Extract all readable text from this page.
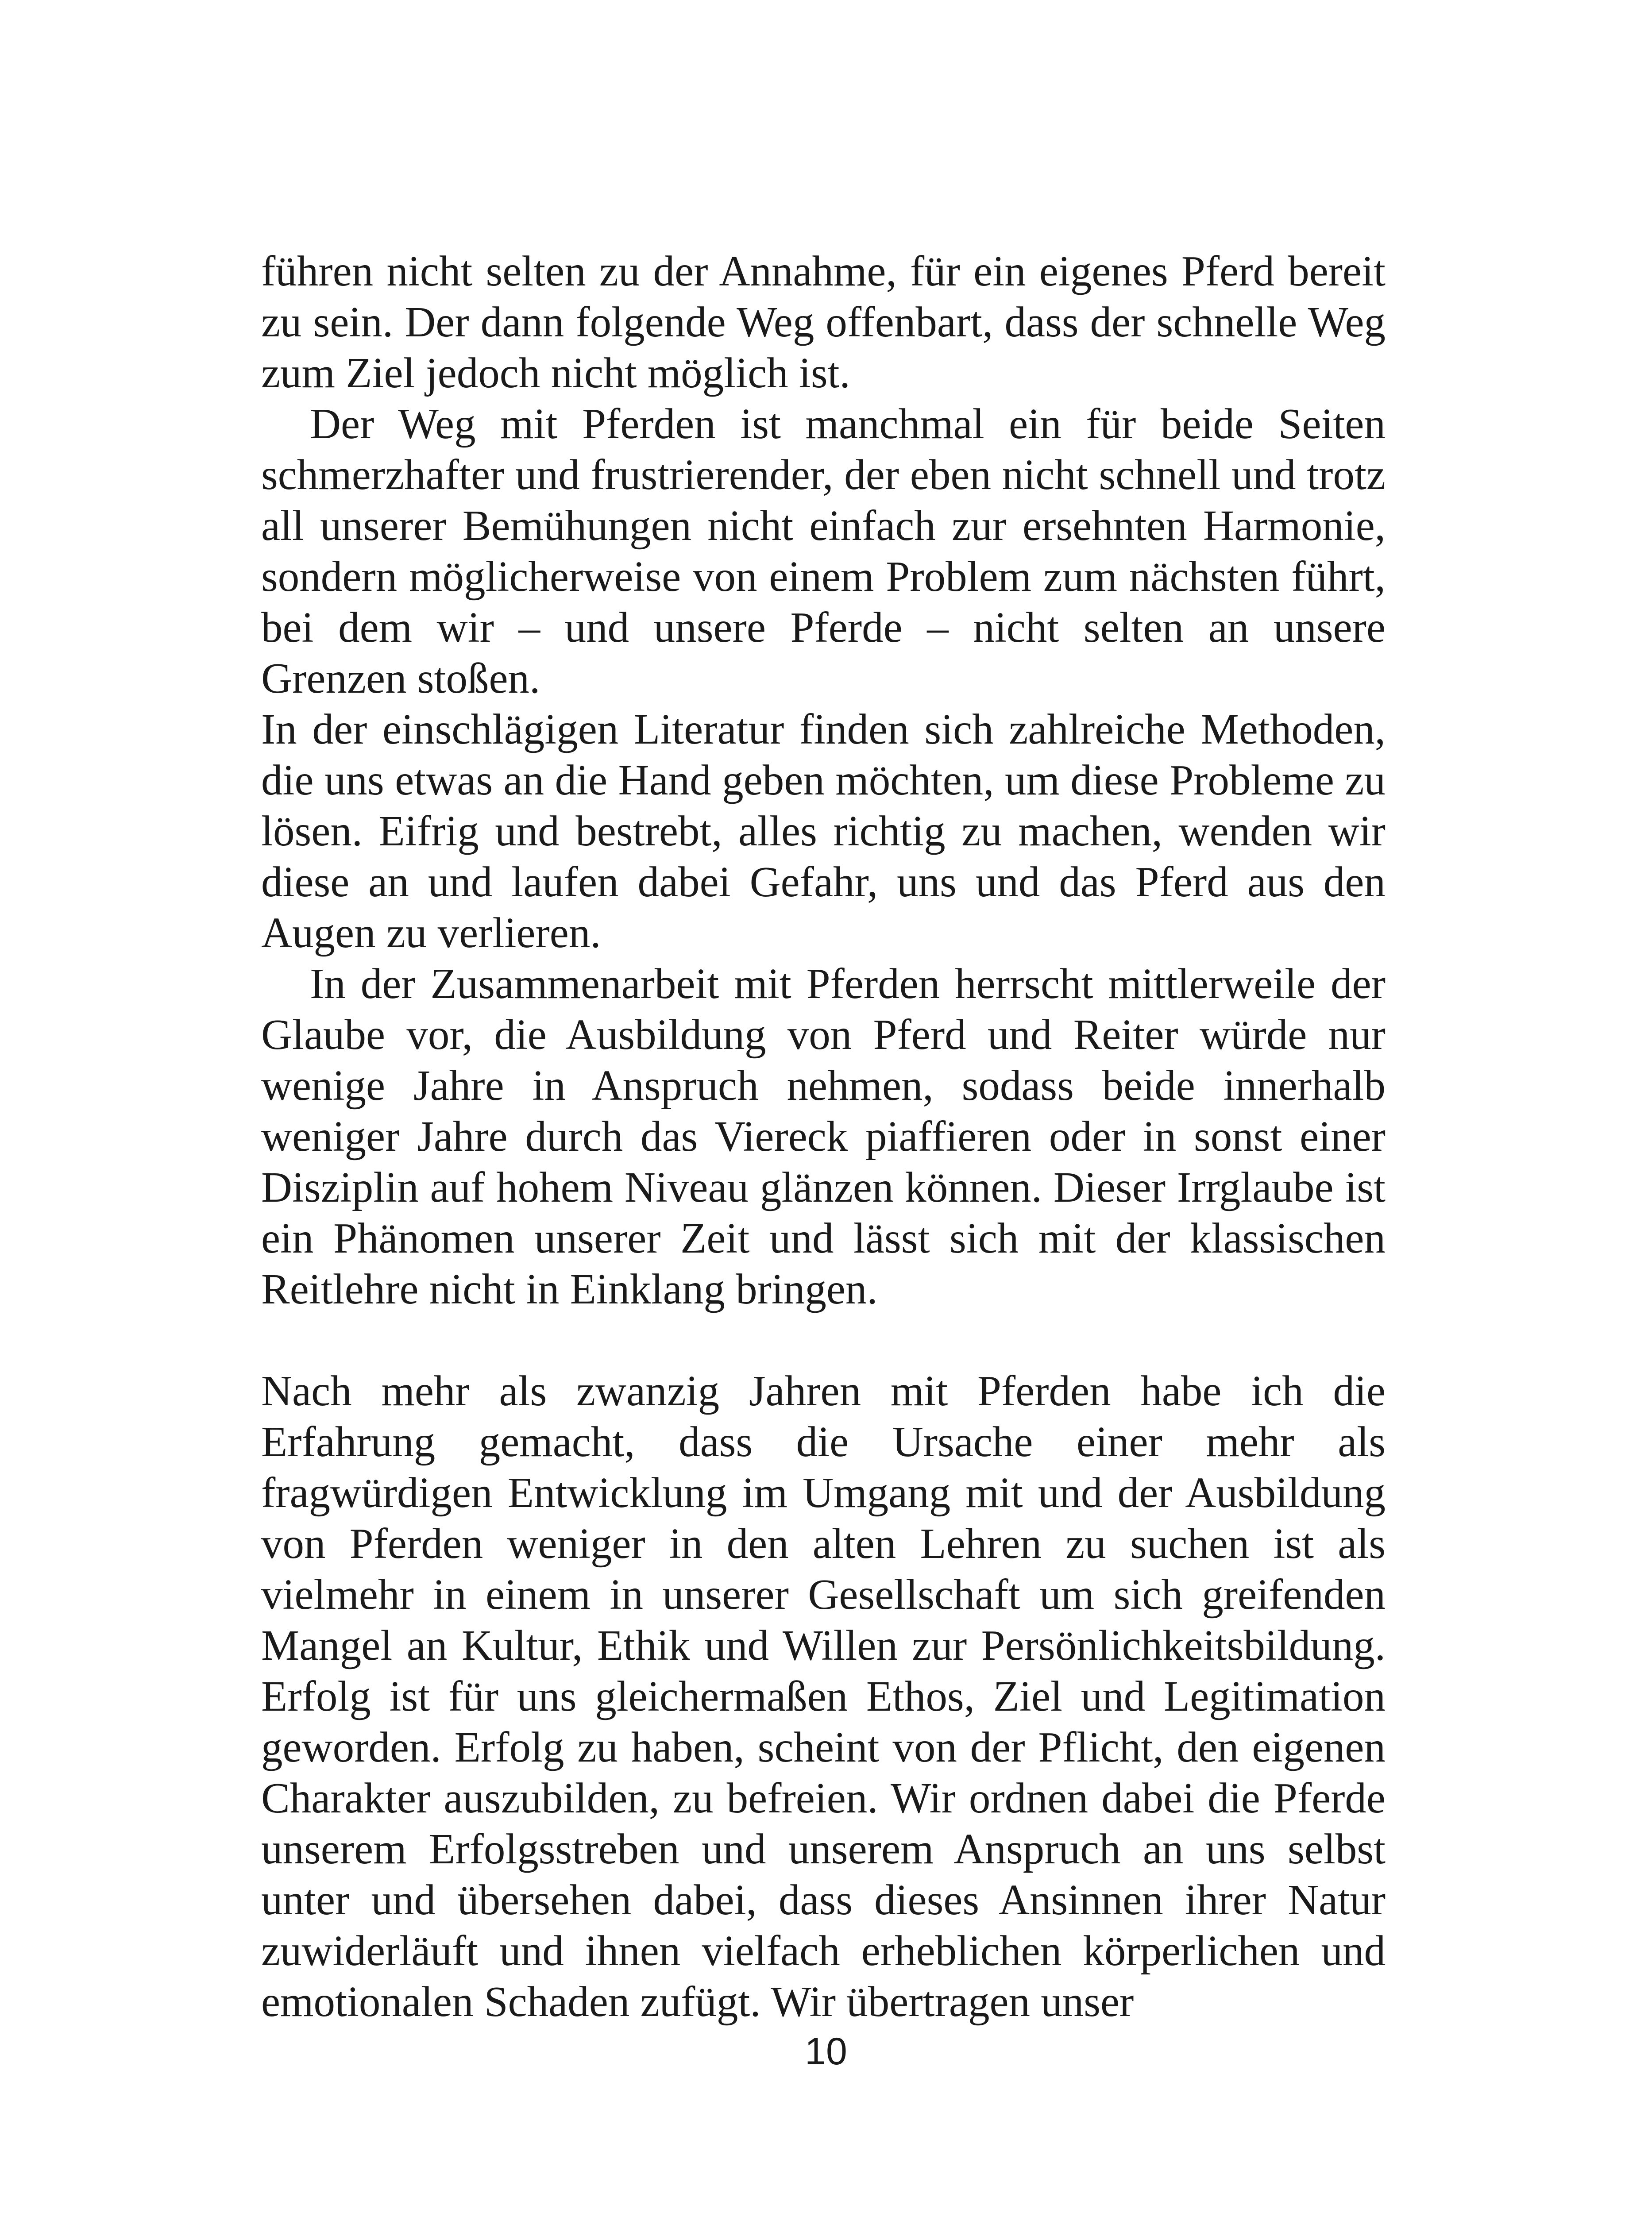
führen nicht selten zu der Annahme, für ein eigenes Pferd bereit zu sein. Der dann folgende Weg offenbart, dass der schnelle Weg zum Ziel jedoch nicht möglich ist.

Der Weg mit Pferden ist manchmal ein für beide Seiten schmerzhafter und frustrierender, der eben nicht schnell und trotz all unserer Bemühungen nicht einfach zur ersehnten Harmonie, sondern möglicherweise von einem Problem zum nächsten führt, bei dem wir – und unsere Pferde – nicht selten an unsere Grenzen stoßen.

In der einschlägigen Literatur finden sich zahlreiche Methoden, die uns etwas an die Hand geben möchten, um diese Probleme zu lösen. Eifrig und bestrebt, alles richtig zu machen, wenden wir diese an und laufen dabei Gefahr, uns und das Pferd aus den Augen zu verlieren.

In der Zusammenarbeit mit Pferden herrscht mittlerweile der Glaube vor, die Ausbildung von Pferd und Reiter würde nur wenige Jahre in Anspruch nehmen, sodass beide innerhalb weniger Jahre durch das Viereck piaffieren oder in sonst einer Disziplin auf hohem Niveau glänzen können. Dieser Irrglaube ist ein Phänomen unserer Zeit und lässt sich mit der klassischen Reitlehre nicht in Einklang bringen.

Nach mehr als zwanzig Jahren mit Pferden habe ich die Erfahrung gemacht, dass die Ursache einer mehr als fragwürdigen Entwicklung im Umgang mit und der Ausbildung von Pferden weniger in den alten Lehren zu suchen ist als vielmehr in einem in unserer Gesellschaft um sich greifenden Mangel an Kultur, Ethik und Willen zur Persönlichkeitsbildung. Erfolg ist für uns gleichermaßen Ethos, Ziel und Legitimation geworden. Erfolg zu haben, scheint von der Pflicht, den eigenen Charakter auszubilden, zu befreien. Wir ordnen dabei die Pferde unserem Erfolgsstreben und unserem Anspruch an uns selbst unter und übersehen dabei, dass dieses Ansinnen ihrer Natur zuwiderläuft und ihnen vielfach erheblichen körperlichen und emotionalen Schaden zufügt. Wir übertragen unser

10
